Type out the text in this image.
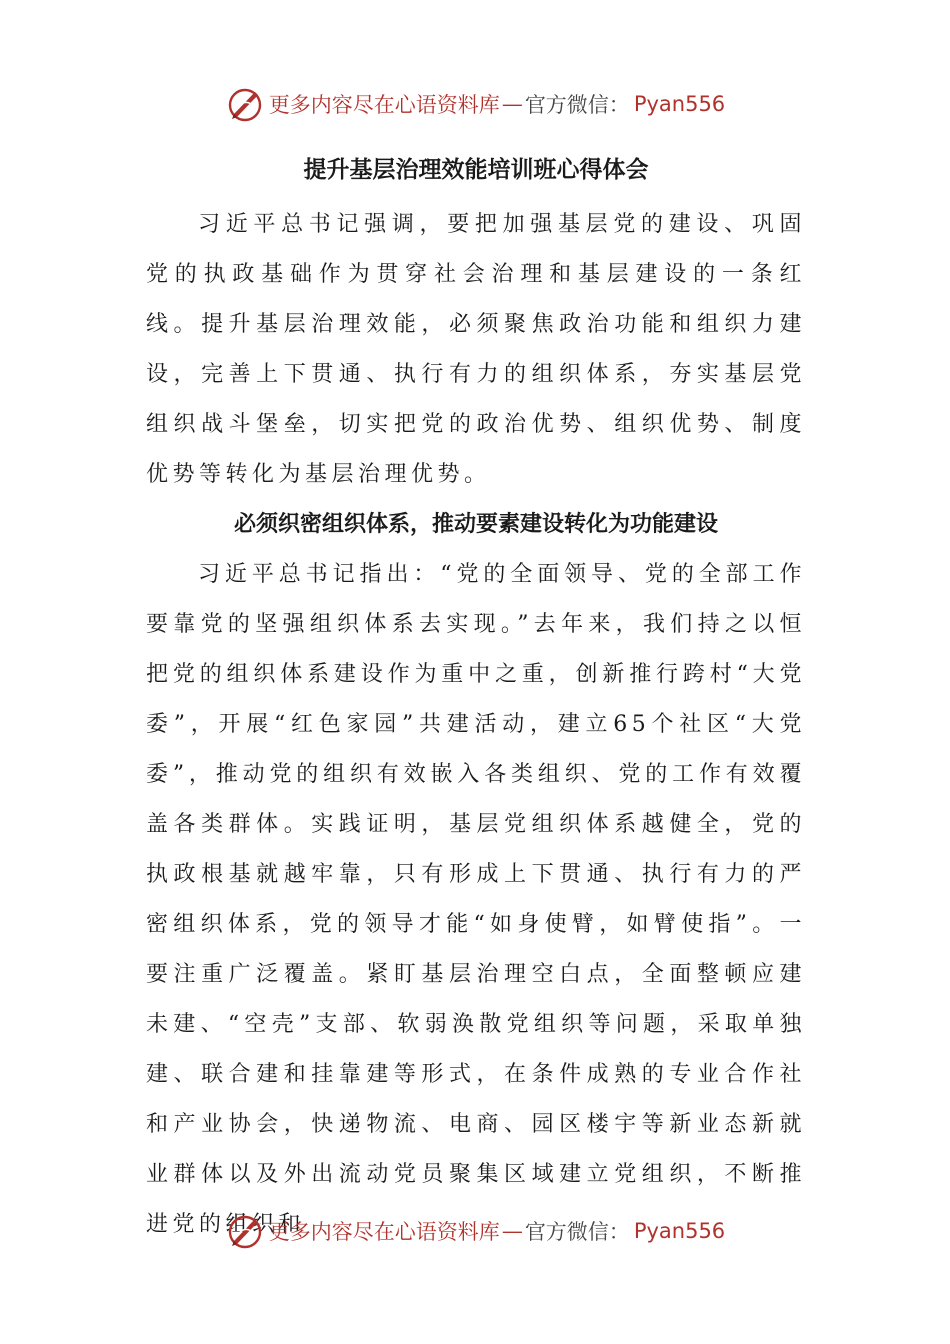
更多内容尽在心语资料库 — 官方微信： Pyan556
提升基层治理效能培训班心得体会

习近平总书记强调，要把加强基层党的建设、巩固党的执政基础作为贯穿社会治理和基层建设的一条红线。提升基层治理效能，必须聚焦政治功能和组织力建设，完善上下贯通、执行有力的组织体系，夯实基层党组织战斗堡垒，切实把党的政治优势、组织优势、制度优势等转化为基层治理优势。

必须织密组织体系，推动要素建设转化为功能建设

习近平总书记指出：“党的全面领导、党的全部工作要靠党的坚强组织体系去实现。”去年来，我们持之以恒把党的组织体系建设作为重中之重，创新推行跨村“大党委”，开展“红色家园”共建活动，建立65个社区“大党委”，推动党的组织有效嵌入各类组织、党的工作有效覆盖各类群体。实践证明，基层党组织体系越健全，党的执政根基就越牢靠，只有形成上下贯通、执行有力的严密组织体系，党的领导才能“如身使臂，如臂使指”。一要注重广泛覆盖。紧盯基层治理空白点，全面整顿应建未建、“空壳”支部、软弱涣散党组织等问题，采取单独建、联合建和挂靠建等形式，在条件成熟的专业合作社和产业协会，快递物流、电商、园区楼宇等新业态新就业群体以及外出流动党员聚集区域建立党组织，不断推进党的组织和

更多内容尽在心语资料库 — 官方微信： Pyan556
